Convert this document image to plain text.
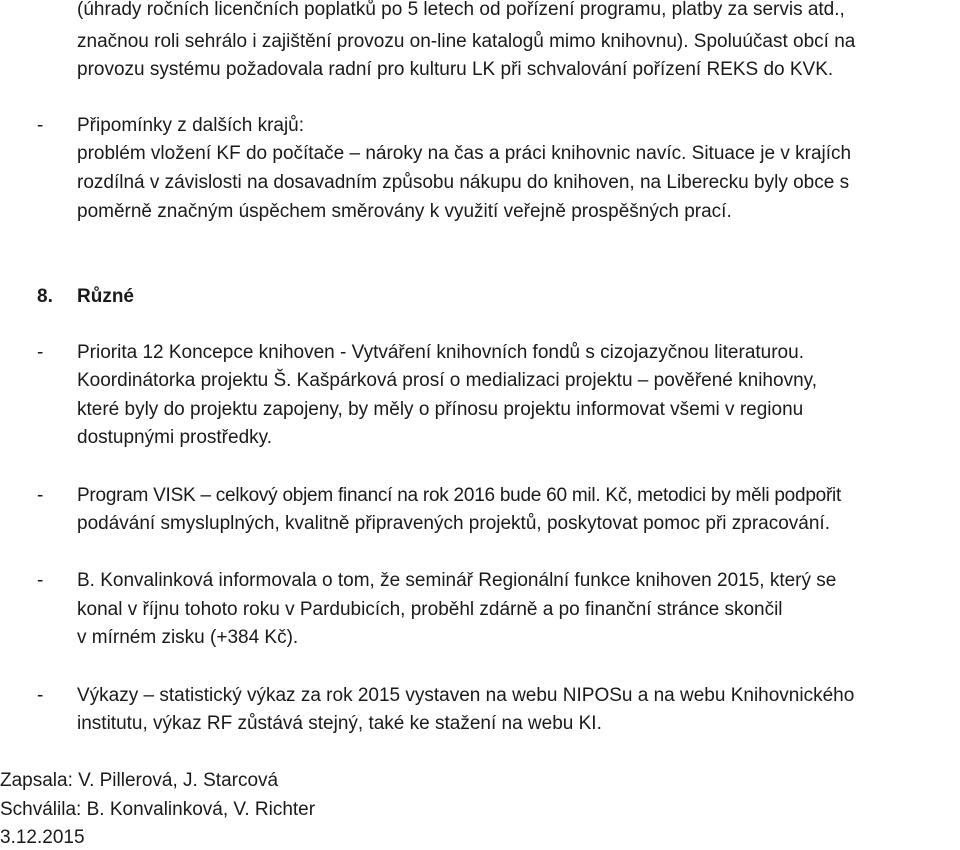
(úhrady ročních licenčních poplatků po 5 letech od pořízení programu, platby za servis atd.,
značnou roli sehrálo i zajištění provozu on-line katalogů mimo knihovnu). Spoluúčast obcí na
provozu systému požadovala radní pro kulturu LK při schvalování pořízení REKS do KVK.
- Připomínky z dalších krajů:
problém vložení KF do počítače – nároky na čas a práci knihovnic navíc. Situace je v krajích
rozdílná v závislosti na dosavadním způsobu nákupu do knihoven, na Liberecku byly obce s
poměrně značným úspěchem směrovány k využití veřejně prospěšných prací.
8. Různé
- Priorita 12 Koncepce knihoven - Vytváření knihovních fondů s cizojazyčnou literaturou.
Koordinátorka projektu Š. Kašpárková prosí o medializaci projektu – pověřené knihovny,
které byly do projektu zapojeny, by měly o přínosu projektu informovat všemi v regionu
dostupnými prostředky.
- Program VISK – celkový objem financí na rok 2016 bude 60 mil. Kč, metodici by měli podpořit
podávání smysluplných, kvalitně připravených projektů, poskytovat pomoc při zpracování.
- B. Konvalinková informovala o tom, že seminář Regionální funkce knihoven 2015, který se
konal v říjnu tohoto roku v Pardubicích, proběhl zdárně a po finanční stránce skončil
v mírném zisku (+384 Kč).
- Výkazy – statistický výkaz za rok 2015 vystaven na webu NIPOSu a na webu Knihovnického
institutu, výkaz RF zůstává stejný, také ke stažení na webu KI.
Zapsala: V. Pillerová, J. Starcová
Schválila: B. Konvalinková, V. Richter
3.12.2015
